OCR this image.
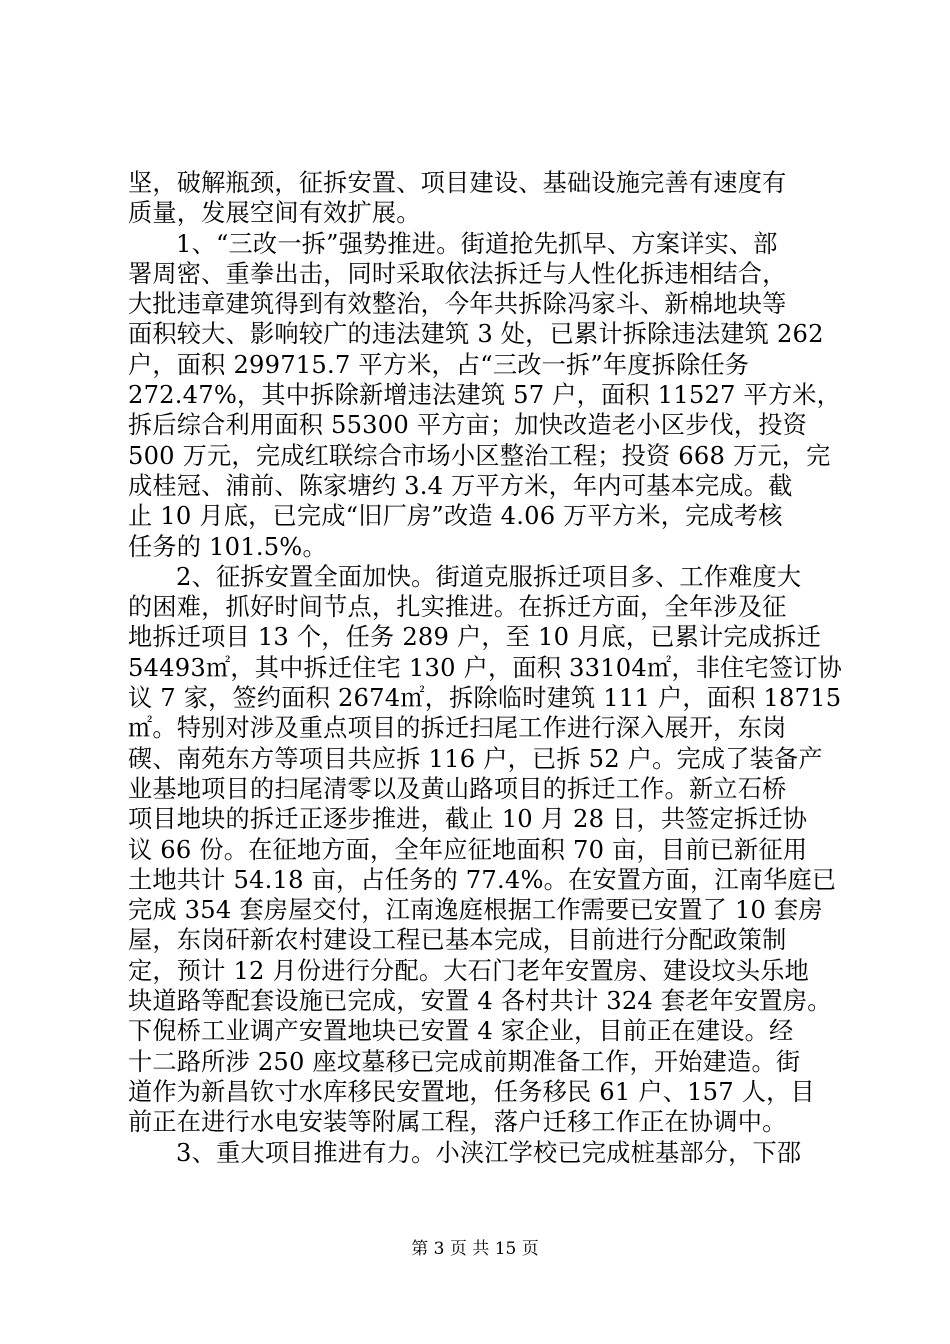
坚，破解瓶颈，征拆安置、项目建设、基础设施完善有速度有
质量，发展空间有效扩展。
1、“三改一拆”强势推进。街道抢先抓早、方案详实、部
署周密、重拳出击，同时采取依法拆迁与人性化拆违相结合，
大批违章建筑得到有效整治，今年共拆除冯家斗、新棉地块等
面积较大、影响较广的违法建筑 3 处，已累计拆除违法建筑 262
户，面积 299715.7 平方米，占“三改一拆”年度拆除任务
272.47%，其中拆除新增违法建筑 57 户，面积 11527 平方米，
拆后综合利用面积 55300 平方亩；加快改造老小区步伐，投资
500 万元，完成红联综合市场小区整治工程；投资 668 万元，完
成桂冠、浦前、陈家塘约 3.4 万平方米，年内可基本完成。截
止 10 月底，已完成“旧厂房”改造 4.06 万平方米，完成考核
任务的 101.5%。
2、征拆安置全面加快。街道克服拆迁项目多、工作难度大
的困难，抓好时间节点，扎实推进。在拆迁方面，全年涉及征
地拆迁项目 13 个，任务 289 户，至 10 月底，已累计完成拆迁
54493㎡，其中拆迁住宅 130 户，面积 33104㎡，非住宅签订协
议 7 家，签约面积 2674㎡，拆除临时建筑 111 户，面积 18715
㎡。特别对涉及重点项目的拆迁扫尾工作进行深入展开，东岗
碶、南苑东方等项目共应拆 116 户，已拆 52 户。完成了装备产
业基地项目的扫尾清零以及黄山路项目的拆迁工作。新立石桥
项目地块的拆迁正逐步推进，截止 10 月 28 日，共签定拆迁协
议 66 份。在征地方面，全年应征地面积 70 亩，目前已新征用
土地共计 54.18 亩，占任务的 77.4%。在安置方面，江南华庭已
完成 354 套房屋交付，江南逸庭根据工作需要已安置了 10 套房
屋，东岗矸新农村建设工程已基本完成，目前进行分配政策制
定，预计 12 月份进行分配。大石门老年安置房、建设坟头乐地
块道路等配套设施已完成，安置 4 各村共计 324 套老年安置房。
下倪桥工业调产安置地块已安置 4 家企业，目前正在建设。经
十二路所涉 250 座坟墓移已完成前期准备工作，开始建造。街
道作为新昌钦寸水库移民安置地，任务移民 61 户、157 人，目
前正在进行水电安装等附属工程，落户迁移工作正在协调中。
3、重大项目推进有力。小浃江学校已完成桩基部分，下邵
第 3 页 共 15 页
